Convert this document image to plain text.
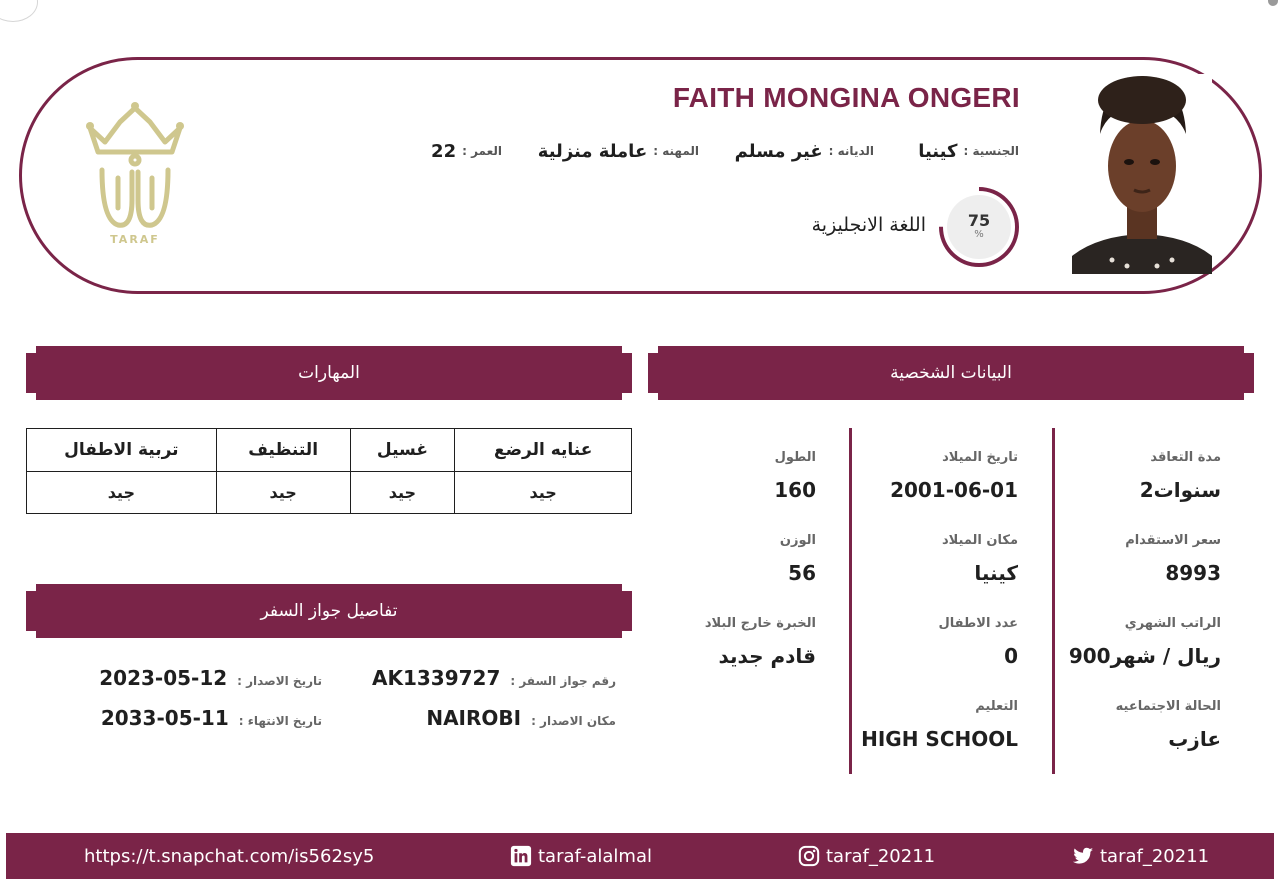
FAITH MONGINA ONGERI
الجنسية :
كينيا
الديانه :
غير مسلم
المهنه :
عاملة منزلية
العمر :
22
75
%
اللغة الانجليزية
TARAF
المهارات	البيانات الشخصية
تفاصيل جواز السفر
عنايه الرضع	غسيل	التنظيف	تربية الاطفال
جيد	جيد	جيد	جيد
مدة التعاقد
2سنوات
سعر الاستقدام
8993
الراتب الشهري
900ريال / شهر
الحالة الاجتماعيه
عازب
تاريخ الميلاد
2001-06-01
مكان الميلاد
كينيا
عدد الاطفال
0
التعليم
HIGH SCHOOL
الطول
160
الوزن
56
الخبرة خارج البلاد
قادم جديد
رقم جواز السفر :
AK1339727
تاريخ الاصدار :
2023-05-12
مكان الاصدار :
NAIROBI
تاريخ الانتهاء :
2033-05-11
https://t.snapchat.com/is562sy5	taraf-alalmal	taraf_20211	taraf_20211
